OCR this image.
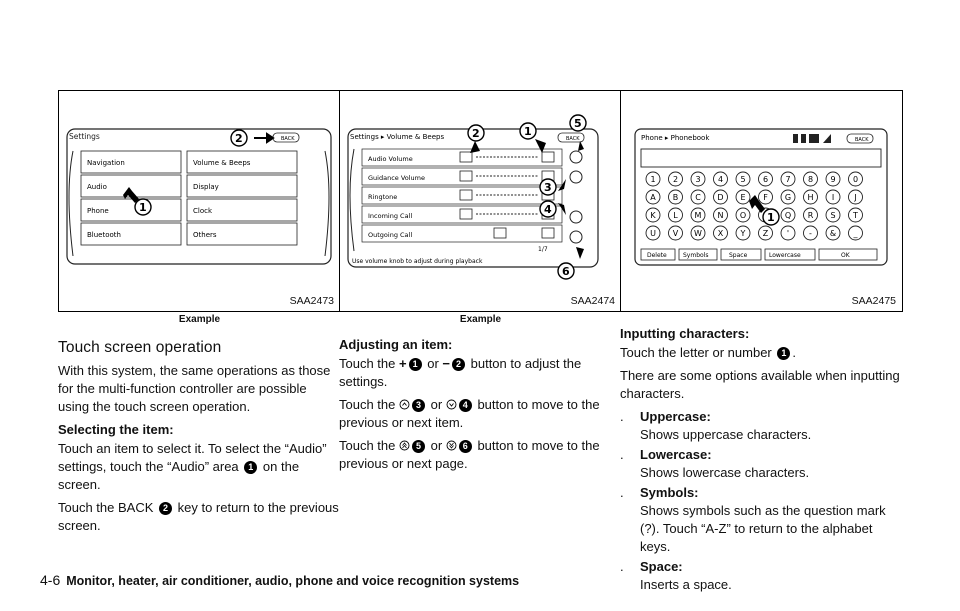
Settings	BACK
2
Navigation
Audio
Phone
Bluetooth
Volume & Beeps
Display
Clock
Others
1
SAA2473
Example
Touch screen operation

With this system, the same operations as those for the multi-function controller are possible using the touch screen operation.

Selecting the item:

Touch an item to select it. To select the “Audio” settings, touch the “Audio” area 1 on the screen.

Touch the BACK 2 key to return to the previous screen.

Settings ▸ Volume & Beeps	BACK
Audio Volume
Guidance Volume
Ringtone
Incoming Call
Outgoing Call
1/7
Use volume knob to adjust during playback
2	1
3
4
5
6
SAA2474
Example
Adjusting an item:

Touch the + 1 or − 2 button to adjust the settings.

Touch the 3 or 4 button to move to the previous or next item.

Touch the 5 or 6 button to move to the previous or next page.

Phone ▸ Phonebook	BACK
1 2 3 4 5 6 7 8 9 0
A B C D E F G H I	J
K L M N O	Q R S T
U V W X Y Z ' - & _
Delete	Symbols	Space	Lowercase	OK
1
SAA2475
Inputting characters:

Touch the letter or number 1 .

There are some options available when inputting characters.

.	Uppercase:
Shows uppercase characters.
.	Lowercase:
Shows lowercase characters.
.	Symbols:
Shows symbols such as the question mark (?). Touch “A-Z” to return to the alphabet keys.
.	Space:
Inserts a space.
4-6 Monitor, heater, air conditioner, audio, phone and voice recognition systems
